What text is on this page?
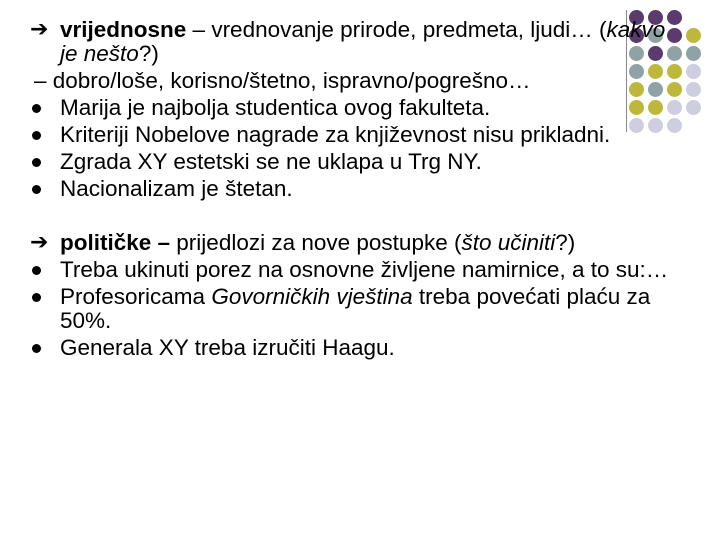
➔ vrijednosne – vrednovanje prirode, predmeta, ljudi… (kakvo je nešto?)
– dobro/loše, korisno/štetno, ispravno/pogrešno…
Marija je najbolja studentica ovog fakulteta.
Kriteriji Nobelove nagrade za književnost nisu prikladni.
Zgrada XY estetski se ne uklapa u Trg NY.
Nacionalizam je štetan.
➔ političke – prijedlozi za nove postupke (što učiniti?)
Treba ukinuti porez na osnovne življene namirnice, a to su:…
Profesoricama Govorničkih vještina treba povećati plaću za 50%.
Generala XY treba izručiti Haagu.
